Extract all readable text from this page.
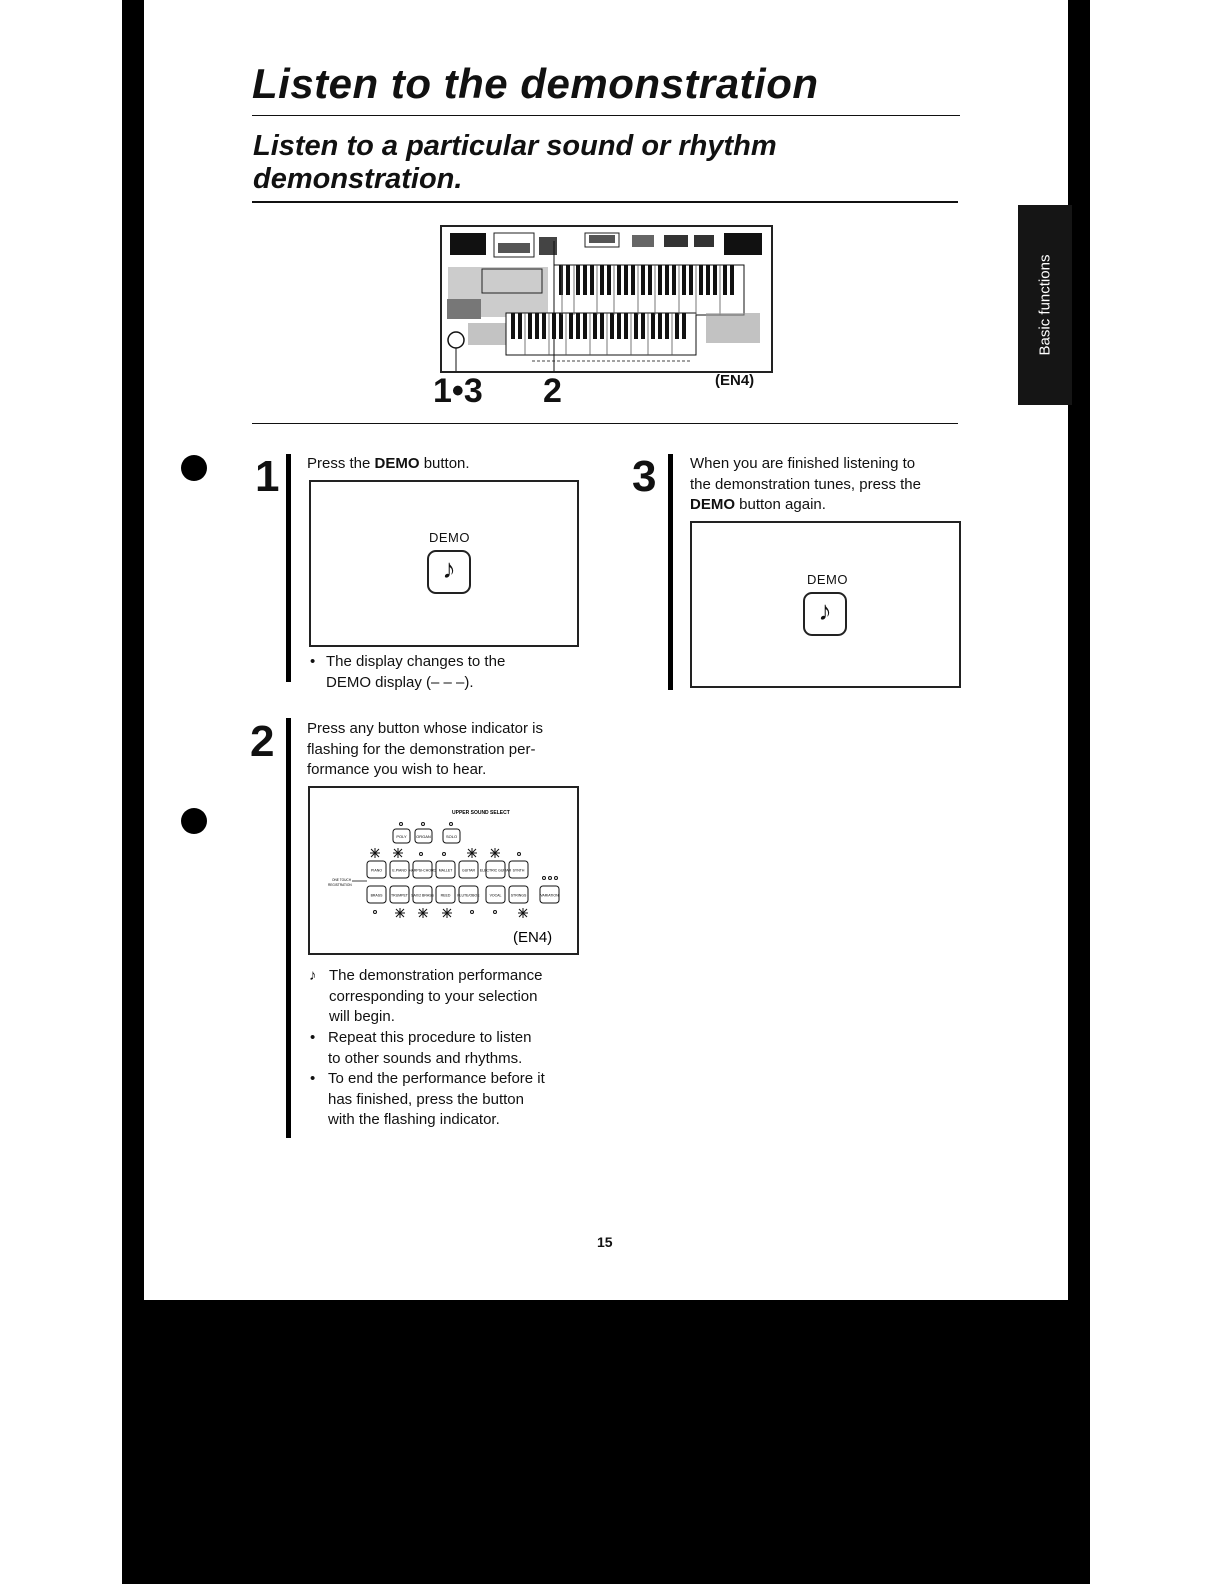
Basic functions
Listen to the demonstration
Listen to a particular sound or rhythm demonstration.
1•3 2	(EN4)
1 Press the DEMO button.
DEMO
♪
• The display changes to the
DEMO display (– – –).
2 Press any button whose indicator is
flashing for the demonstration per-
formance you wish to hear.
UPPER SOUND SELECT
POLY ORGAN	SOLO
PIANO	E.PIANO HARPSI-CHORD MALLET	GUITAR ELECTRIC GUITAR SYNTH
BRASS TRUMPET SAX/2 BRASS REED FLUTE/OBOE	VOCAL	STRINGS	VARIATION
ONE TOUCH
REGISTRATION
(EN4)
♪ The demonstration performance
corresponding to your selection
will begin.
• Repeat this procedure to listen
to other sounds and rhythms.
• To end the performance before it
has finished, press the button
with the flashing indicator.
3 When you are finished listening to
the demonstration tunes, press the
DEMO button again.
DEMO
♪
15
